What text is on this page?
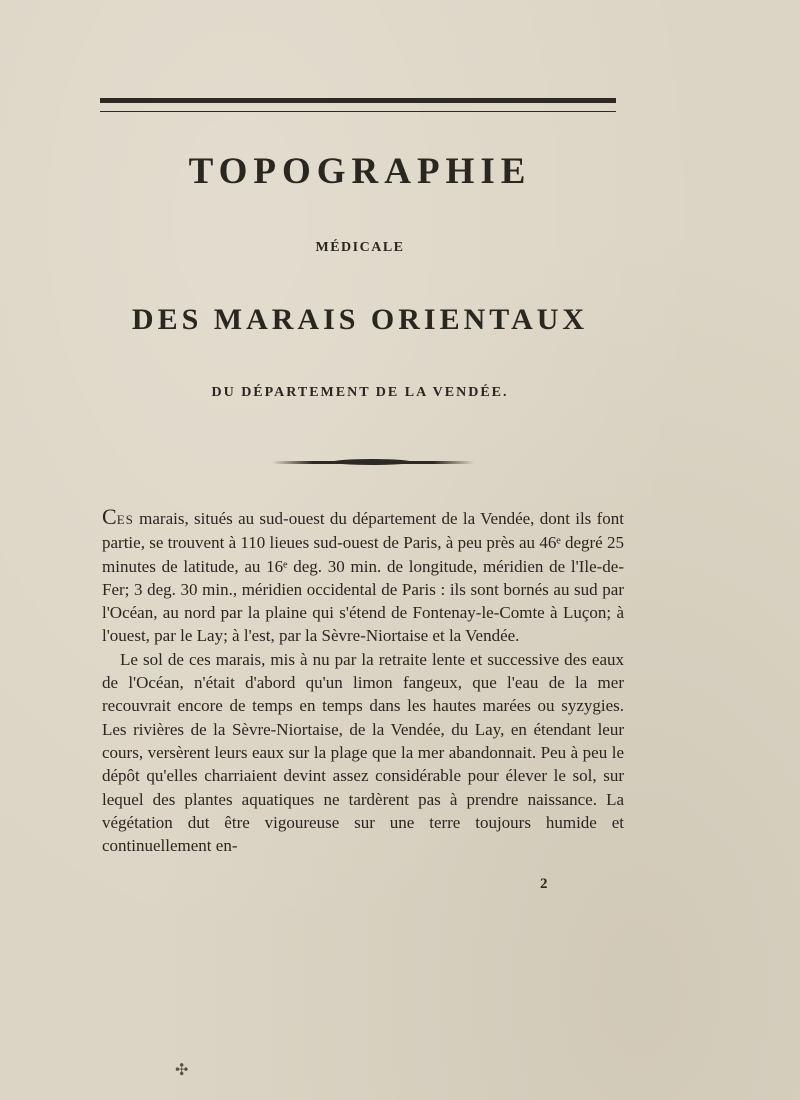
TOPOGRAPHIE
MÉDICALE
DES MARAIS ORIENTAUX
DU DÉPARTEMENT DE LA VENDÉE.

CES marais, situés au sud-ouest du département de la Vendée, dont ils font partie, se trouvent à 110 lieues sud-ouest de Paris, à peu près au 46ᵉ degré 25 minutes de latitude, au 16ᵉ deg. 30 min. de longitude, méridien de l'Ile-de-Fer; 3 deg. 30 min., méridien occidental de Paris : ils sont bornés au sud par l'Océan, au nord par la plaine qui s'étend de Fontenay-le-Comte à Luçon; à l'ouest, par le Lay; à l'est, par la Sèvre-Niortaise et la Vendée.

Le sol de ces marais, mis à nu par la retraite lente et successive des eaux de l'Océan, n'était d'abord qu'un limon fangeux, que l'eau de la mer recouvrait encore de temps en temps dans les hautes marées ou syzygies. Les rivières de la Sèvre-Niortaise, de la Vendée, du Lay, en étendant leur cours, versèrent leurs eaux sur la plage que la mer abandonnait. Peu à peu le dépôt qu'elles charriaient devint assez considérable pour élever le sol, sur lequel des plantes aquatiques ne tardèrent pas à prendre naissance. La végétation dut être vigoureuse sur une terre toujours humide et continuellement en-

2
✣
